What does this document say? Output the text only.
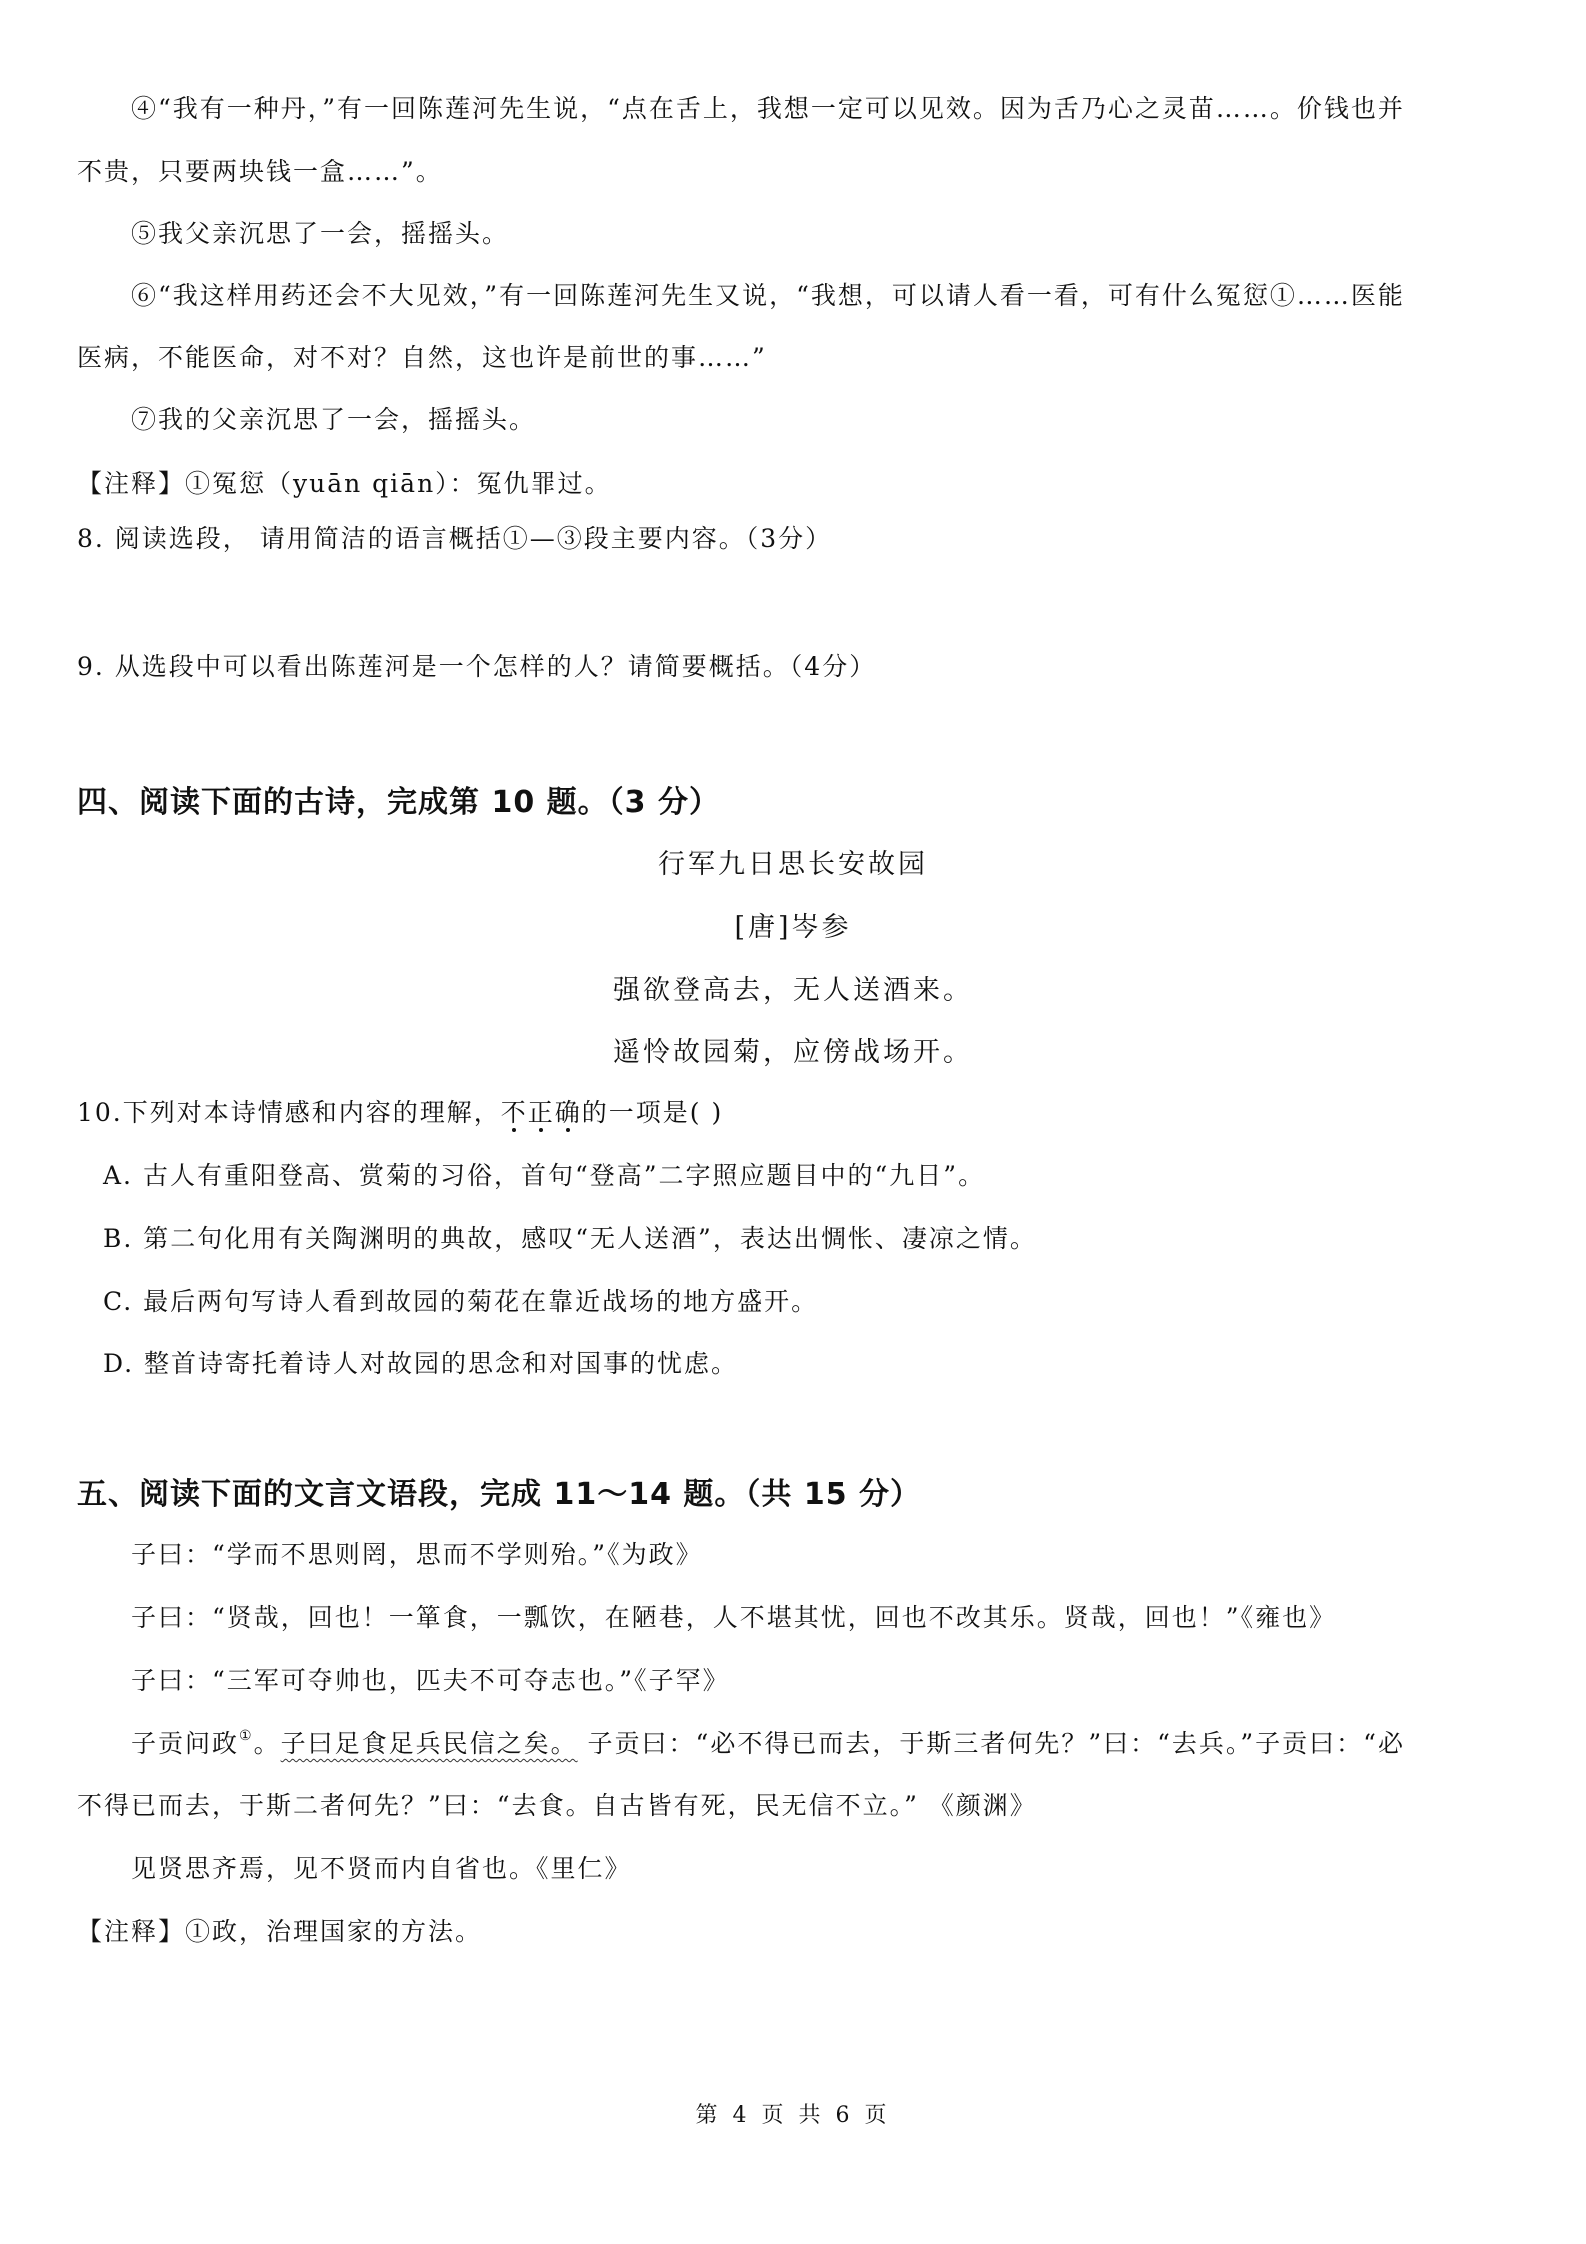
④“我有一种丹，”有一回陈莲河先生说，“点在舌上，我想一定可以见效。因为舌乃心之灵苗……。价钱也并
不贵，只要两块钱一盒……”。
⑤我父亲沉思了一会，摇摇头。
⑥“我这样用药还会不大见效，”有一回陈莲河先生又说，“我想，可以请人看一看，可有什么冤愆①……医能
医病，不能医命，对不对？自然，这也许是前世的事……”
⑦我的父亲沉思了一会，摇摇头。
【注释】①冤愆（yuān qiān）：冤仇罪过。
8. 阅读选段， 请用简洁的语言概括①—③段主要内容。（3分）
9. 从选段中可以看出陈莲河是一个怎样的人？请简要概括。（4分）
四、阅读下面的古诗，完成第 10 题。（3 分）
行军九日思长安故园
[唐]岑参
强欲登高去，无人送酒来。
遥怜故园菊，应傍战场开。
10.下列对本诗情感和内容的理解，不正确
的一项是( )
A. 古人有重阳登高、赏菊的习俗，首句“登高”二字照应题目中的“九日”。
B. 第二句化用有关陶渊明的典故，感叹“无人送酒”，表达出惆怅、凄凉之情。
C. 最后两句写诗人看到故园的菊花在靠近战场的地方盛开。
D. 整首诗寄托着诗人对故园的思念和对国事的忧虑。
五、阅读下面的文言文语段，完成 11～14 题。（共 15 分）
子曰：“学而不思则罔，思而不学则殆。”《为政》
子曰：“贤哉，回也！一箪食，一瓢饮，在陋巷，人不堪其忧，回也不改其乐。贤哉，回也！”《雍也》
子曰：“三军可夺帅也，匹夫不可夺志也。”《子罕》
子贡问政①。子曰足食足兵民信之矣。 子贡曰：“必不得已而去，于斯三者何先？”曰：“去兵。”子贡曰：“必
不得已而去，于斯二者何先？”曰：“去食。自古皆有死，民无信不立。” 《颜渊》
见贤思齐焉，见不贤而内自省也。《里仁》
【注释】①政，治理国家的方法。
第 4 页 共 6 页
